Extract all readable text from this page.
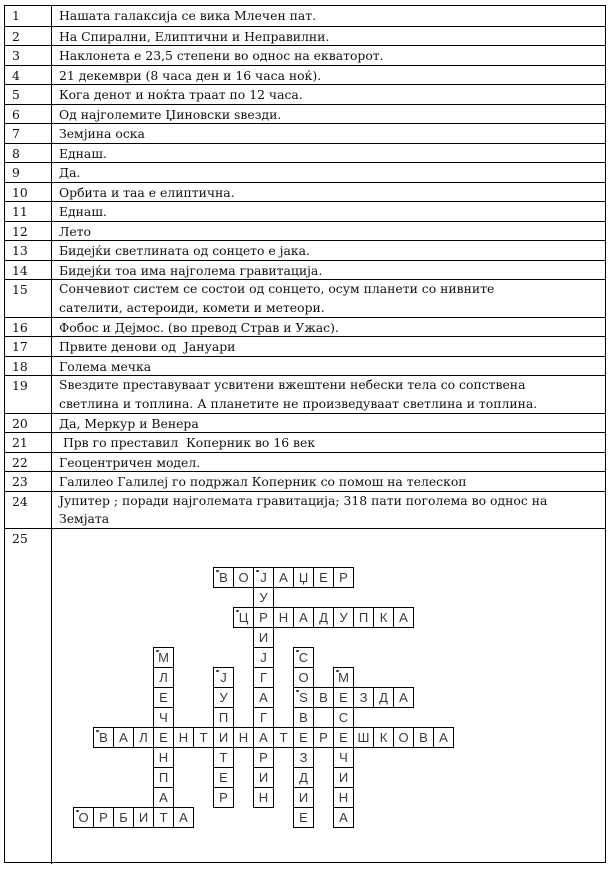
1	Нашата галаксија се вика Млечен пат.
2	На Спирални, Елиптични и Неправилни.
3	Наклонета е 23,5 степени во однос на екваторот.
4	21 декември (8 часа ден и 16 часа ноќ).
5	Кога денот и ноќта траат по 12 часа.
6	Од најголемите Џиновски ѕвезди.
7	Земјина оска
8	Еднаш.
9	Да.
10	Орбита и таа е елиптична.
11	Еднаш.
12	Лето
13	Бидејќи светлината од сонцето е јака.
14	Бидејќи тоа има најголема гравитација.
15	Сончевиот систем се состои од сонцето, осум планети со нивните
сателити, астероиди, комети и метеори.
16	Фобос и Дејмос. (во превод Страв и Ужас).
17	Првите денови од  Јануари
18	Голема мечка
19	Ѕвездите преставуваат усвитени вжештени небески тела со сопствена
светлина и топлина. А планетите не произведуваат светлина и топлина.
20	Да, Меркур и Венера
21	Прв го преставил  Коперник во 16 век
22	Геоцентричен модел.
23	Галилео Галилеј го подржал Коперник со помош на телескоп
24	Јупитер ; поради најголемата гравитација; 318 пати поголема во однос на
Земјата
25
В О Ј А Џ Е Р
У
Р
И
Ј
Г
А
Г
А
Р
И
Н
Ц	Н А Д У П К А
М
Л
Е
Ч
Е
Н
П
А
Т
С
О
Ѕ
В
Е
З
Д
И
Е
Ј
У
П
И
Т
Е
Р
М
Е
С
Е
Ч
И
Н
А
В	З Д А
В А Л	Н Т	Н	Т	Р	Ш К О В А
О Р Б И	А
